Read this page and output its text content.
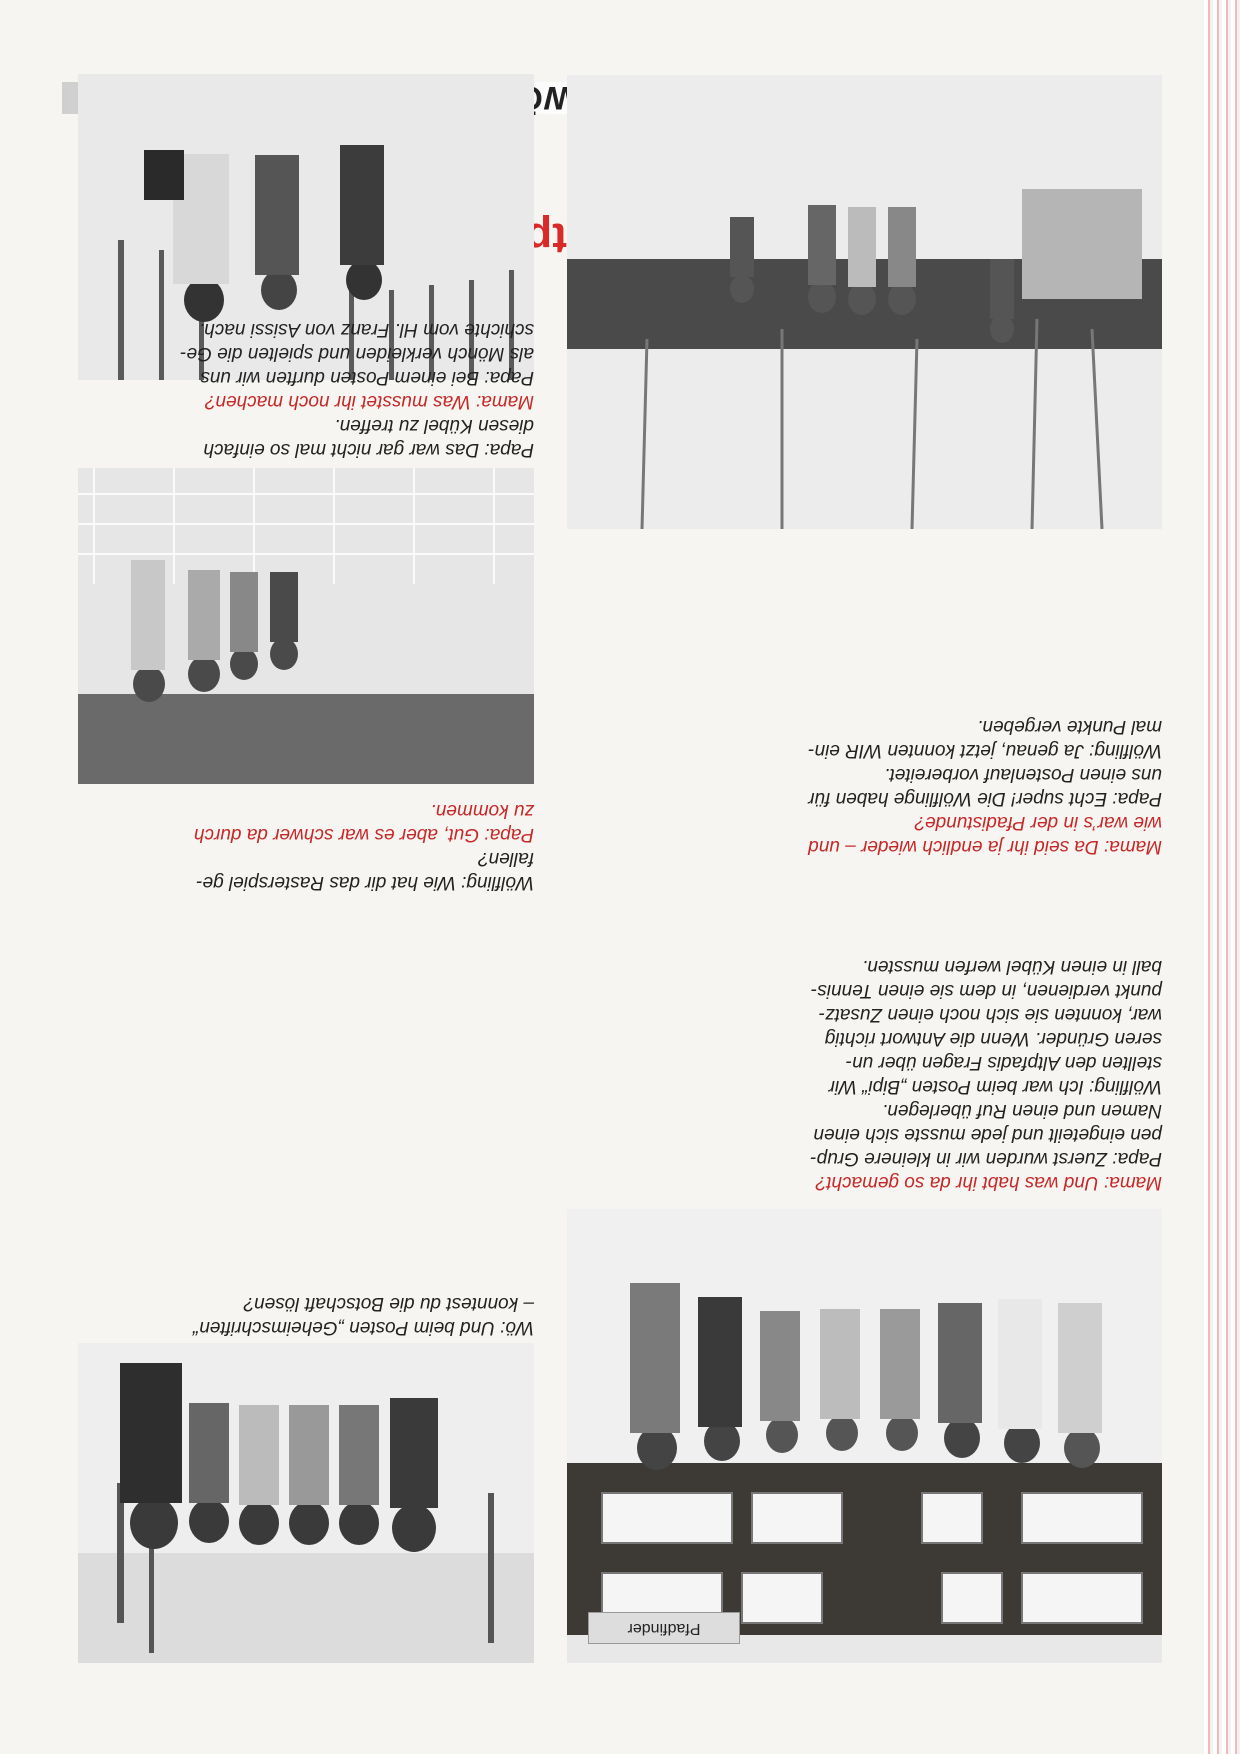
WÖ
Papa: Das war gar nicht mal so einfach
diesen Kübel zu treffen.
Mama: Was musstet ihr noch machen?
Papa: Bei einem Posten durften wir uns
als Mönch verkleiden und spielten die Ge-
schichte vom Hl. Franz von Asissi nach.
Wölfling: Wie hat dir das Rasterspiel ge-
fallen?
Papa: Gut, aber es war schwer da durch
zu kommen.
Wö: Und beim Posten „Geheimschriften“
– konntest du die Botschaft lösen?
Mama: Da seid ihr ja endlich wieder – und
wie war’s in der Pfadistunde?
Papa: Echt super! Die Wölflinge haben für
uns einen Postenlauf vorbereitet.
Wölfling: Ja genau, jetzt konnten WIR ein-
mal Punkte vergeben.
Mama: Und was habt ihr da so gemacht?
Papa: Zuerst wurden wir in kleinere Grup-
pen eingeteilt und jede musste sich einen
Namen und einen Ruf überlegen.
Wölfling: Ich war beim Posten „Bipi“ Wir
stellten den Altpfadis Fragen über un-
seren Gründer. Wenn die Antwort richtig
war, konnten sie sich noch einen Zusatz-
punkt verdienen, in dem sie einen Tennis-
ball in einen Kübel werfen mussten.
Pfadfinder
